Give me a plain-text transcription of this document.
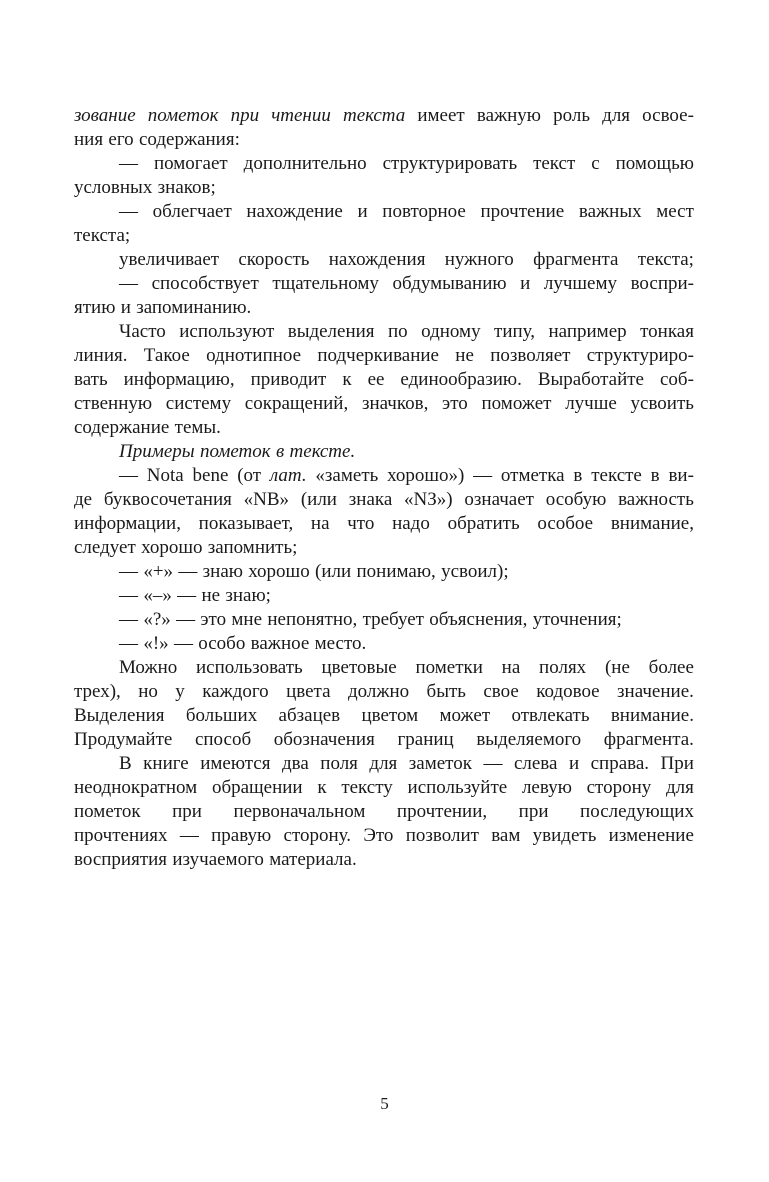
зование пометок при чтении текста имеет важную роль для освое-
ния его содержания:
— помогает дополнительно структурировать текст с помощью
условных знаков;
— облегчает нахождение и повторное прочтение важных мест
текста;
увеличивает скорость нахождения нужного фрагмента текста;
— способствует тщательному обдумыванию и лучшему воспри-
ятию и запоминанию.
Часто используют выделения по одному типу, например тонкая
линия. Такое однотипное подчеркивание не позволяет структуриро-
вать информацию, приводит к ее единообразию. Выработайте соб-
ственную систему сокращений, значков, это поможет лучше усвоить
содержание темы.
Примеры пометок в тексте.
— Nota bene (от лат. «заметь хорошо») — отметка в тексте в ви-
де буквосочетания «NB» (или знака «NЗ») означает особую важность
информации, показывает, на что надо обратить особое внимание,
следует хорошо запомнить;
— «+» — знаю хорошо (или понимаю, усвоил);
— «–» — не знаю;
— «?» — это мне непонятно, требует объяснения, уточнения;
— «!» — особо важное место.
Можно использовать цветовые пометки на полях (не более
трех), но у каждого цвета должно быть свое кодовое значение.
Выделения больших абзацев цветом может отвлекать внимание.
Продумайте способ обозначения границ выделяемого фрагмента.
В книге имеются два поля для заметок — слева и справа. При
неоднократном обращении к тексту используйте левую сторону для
пометок при первоначальном прочтении, при последующих
прочтениях — правую сторону. Это позволит вам увидеть изменение
восприятия изучаемого материала.
5
